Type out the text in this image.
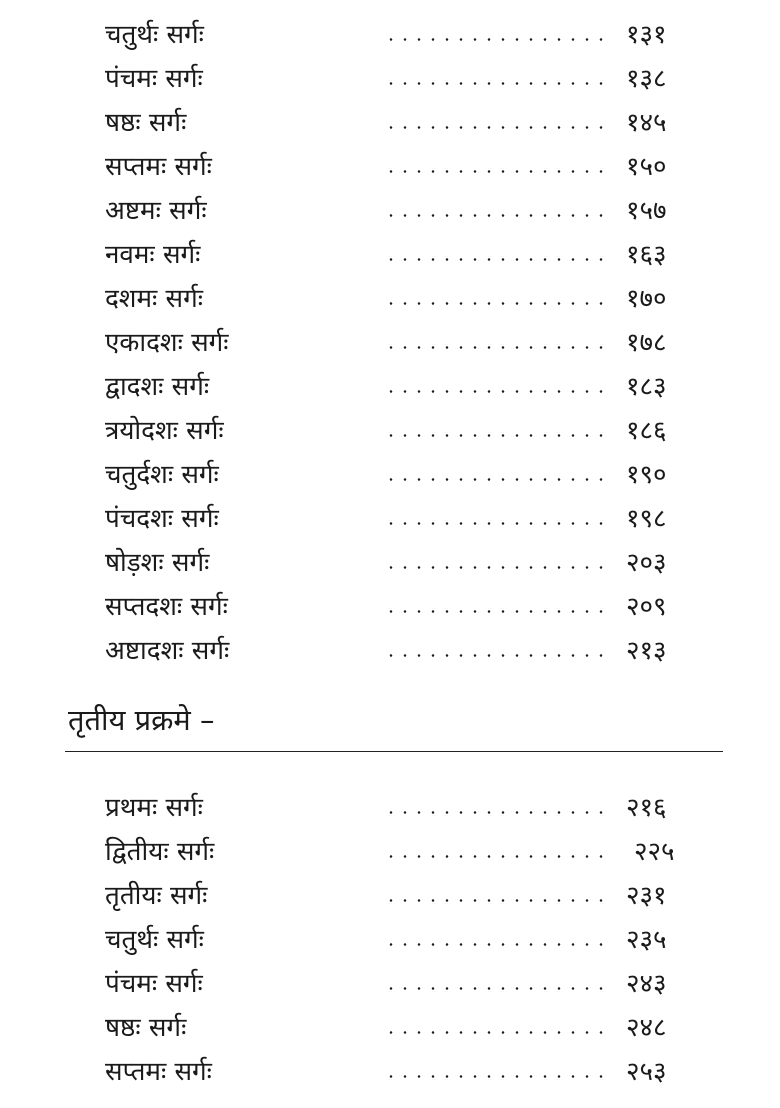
चतुर्थः सर्गः	१३१
पंचमः सर्गः	१३८
षष्ठः सर्गः	१४५
सप्तमः सर्गः	१५०
अष्टमः सर्गः	१५७
नवमः सर्गः	१६३
दशमः सर्गः	१७०
एकादशः सर्गः	१७८
द्वादशः सर्गः	१८३
त्रयोदशः सर्गः	१८६
चतुर्दशः सर्गः	१९०
पंचदशः सर्गः	१९८
षोड़शः सर्गः	२०३
सप्तदशः सर्गः	२०९
अष्टादशः सर्गः	२१३
तृतीय प्रक्रमे –
प्रथमः सर्गः	२१६
द्वितीयः सर्गः	२२५
तृतीयः सर्गः	२३१
चतुर्थः सर्गः	२३५
पंचमः सर्गः	२४३
षष्ठः सर्गः	२४८
सप्तमः सर्गः	२५३
